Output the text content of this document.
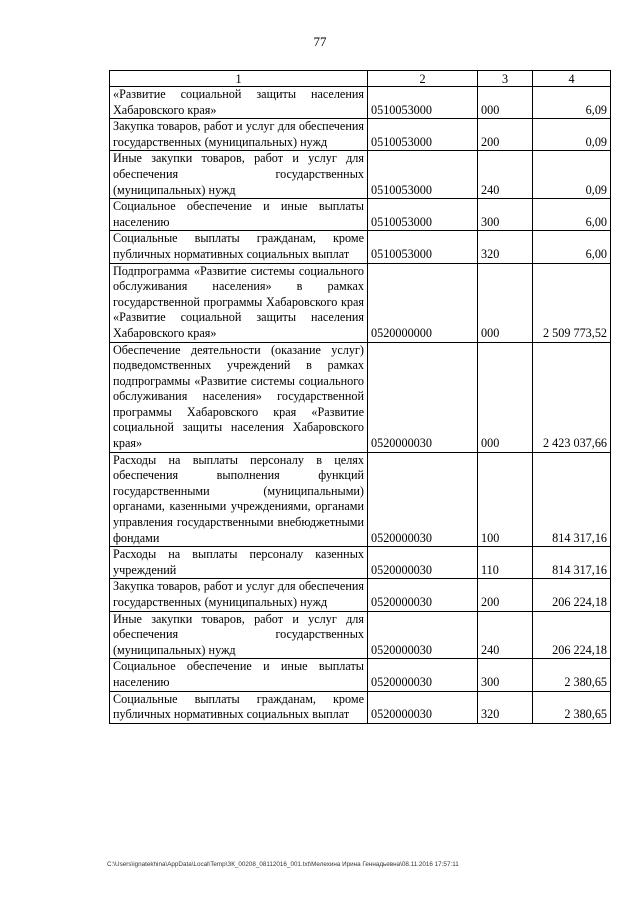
77
1	2	3	4
«Развитие социальной защиты населения Хабаровского края»	0510053000	000	6,09
Закупка товаров, работ и услуг для обеспечения государственных (муниципальных) нужд	0510053000	200	0,09
Иные закупки товаров, работ и услуг для обеспечения государственных (муниципальных) нужд	0510053000	240	0,09
Социальное обеспечение и иные выплаты населению	0510053000	300	6,00
Социальные выплаты гражданам, кроме публичных нормативных социальных выплат	0510053000	320	6,00
Подпрограмма «Развитие системы социального обслуживания населения» в рамках государственной программы Хабаровского края «Развитие социальной защиты населения Хабаровского края»	0520000000	000	2 509 773,52
Обеспечение деятельности (оказание услуг) подведомственных учреждений в рамках подпрограммы «Развитие системы социального обслуживания населения» государственной программы Хабаровского края «Развитие социальной защиты населения Хабаровского края»	0520000030	000	2 423 037,66
Расходы на выплаты персоналу в целях обеспечения выполнения функций государственными (муниципальными) органами, казенными учреждениями, органами управления государственными внебюджетными фондами	0520000030	100	814 317,16
Расходы на выплаты персоналу казенных учреждений	0520000030	110	814 317,16
Закупка товаров, работ и услуг для обеспечения государственных (муниципальных) нужд	0520000030	200	206 224,18
Иные закупки товаров, работ и услуг для обеспечения государственных (муниципальных) нужд	0520000030	240	206 224,18
Социальное обеспечение и иные выплаты населению	0520000030	300	2 380,65
Социальные выплаты гражданам, кроме публичных нормативных социальных выплат	0520000030	320	2 380,65
C:\Users\ignatekhina\AppData\Local\Temp\ЗК_00208_08112016_001.txt\Мелехина Ирина Геннадьевна\08.11.2016 17:57:11
